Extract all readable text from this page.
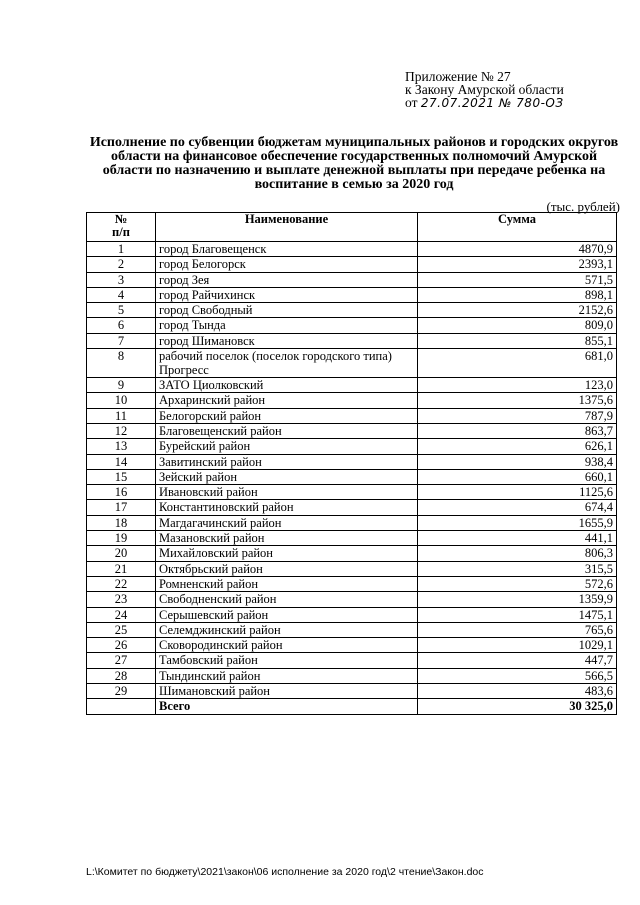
Приложение № 27
к Закону Амурской области
от 27.07.2021 № 780-ОЗ
Исполнение по субвенции бюджетам муниципальных районов и городских округов области на финансовое обеспечение государственных полномочий Амурской области по назначению и выплате денежной выплаты при передаче ребенка на воспитание в семью за 2020 год
(тыс. рублей)
№
п/п	Наименование	Сумма
1	город Благовещенск	4870,9
2	город Белогорск	2393,1
3	город Зея	571,5
4	город Райчихинск	898,1
5	город Свободный	2152,6
6	город Тында	809,0
7	город Шимановск	855,1
8	рабочий поселок (поселок городского типа) Прогресс	681,0
9	ЗАТО Циолковский	123,0
10	Архаринский район	1375,6
11	Белогорский район	787,9
12	Благовещенский район	863,7
13	Бурейский район	626,1
14	Завитинский район	938,4
15	Зейский район	660,1
16	Ивановский район	1125,6
17	Константиновский район	674,4
18	Магдагачинский район	1655,9
19	Мазановский район	441,1
20	Михайловский район	806,3
21	Октябрьский район	315,5
22	Ромненский район	572,6
23	Свободненский район	1359,9
24	Серышевский район	1475,1
25	Селемджинский район	765,6
26	Сковородинский район	1029,1
27	Тамбовский район	447,7
28	Тындинский район	566,5
29	Шимановский район	483,6
	Всего	30 325,0
L:\Комитет по бюджету\2021\закон\06 исполнение за 2020 год\2 чтение\Закон.doc
